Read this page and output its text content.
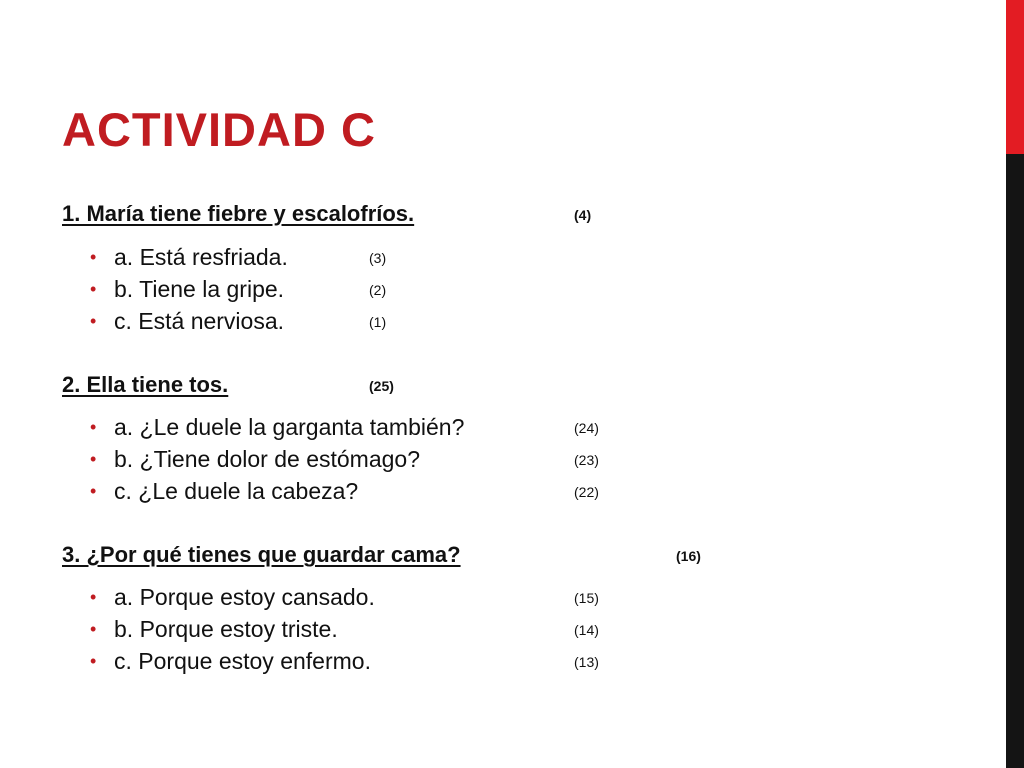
ACTIVIDAD C
1. María tiene fiebre y escalofríos.	(4)
• a. Está resfriada.	(3)
• b. Tiene la gripe.	(2)
• c. Está nerviosa.	(1)
2. Ella tiene tos.	(25)
• a. ¿Le duele la garganta también?	(24)
• b. ¿Tiene dolor de estómago?	(23)
• c. ¿Le duele la cabeza?	(22)
3. ¿Por qué tienes que guardar cama?	(16)
• a. Porque estoy cansado.	(15)
• b. Porque estoy triste.	(14)
• c. Porque estoy enfermo.	(13)
